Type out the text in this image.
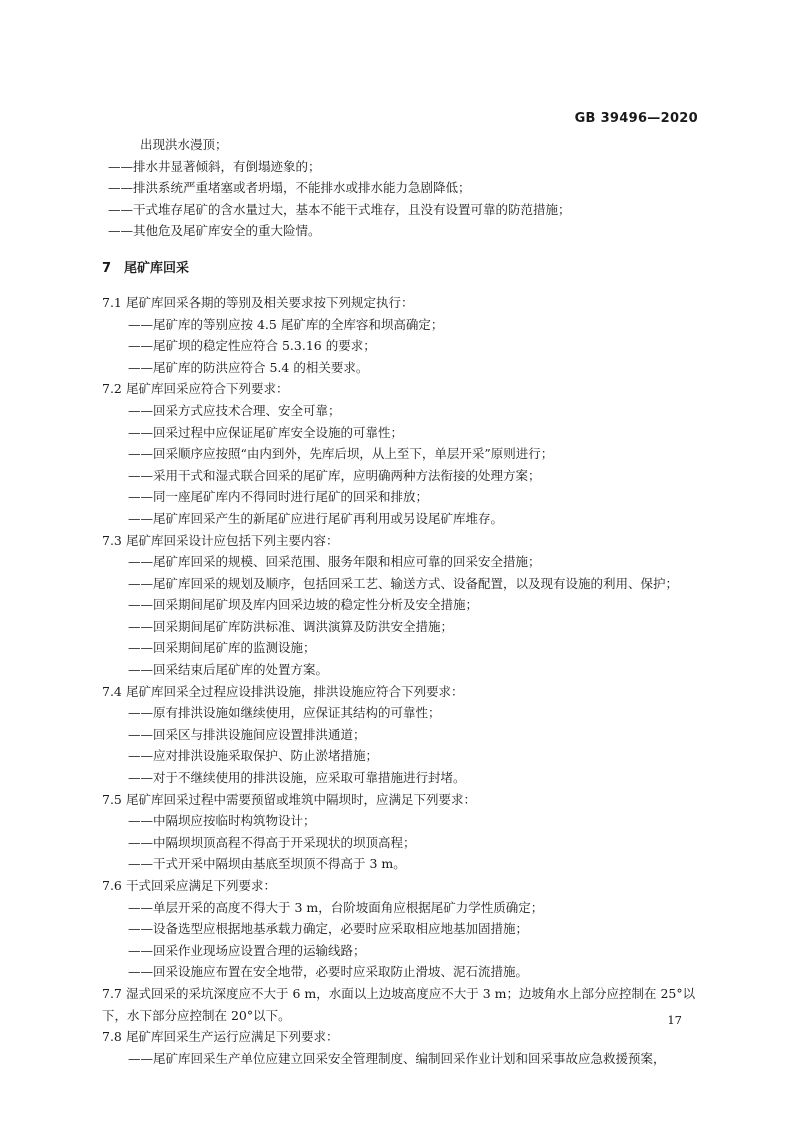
GB 39496—2020
出现洪水漫顶；
——排水井显著倾斜，有倒塌迹象的；
——排洪系统严重堵塞或者坍塌，不能排水或排水能力急剧降低；
——干式堆存尾矿的含水量过大，基本不能干式堆存，且没有设置可靠的防范措施；
——其他危及尾矿库安全的重大险情。
7 尾矿库回采
7.1 尾矿库回采各期的等别及相关要求按下列规定执行：
——尾矿库的等别应按 4.5 尾矿库的全库容和坝高确定；
——尾矿坝的稳定性应符合 5.3.16 的要求；
——尾矿库的防洪应符合 5.4 的相关要求。
7.2 尾矿库回采应符合下列要求：
——回采方式应技术合理、安全可靠；
——回采过程中应保证尾矿库安全设施的可靠性；
——回采顺序应按照“由内到外，先库后坝，从上至下，单层开采”原则进行；
——采用干式和湿式联合回采的尾矿库，应明确两种方法衔接的处理方案；
——同一座尾矿库内不得同时进行尾矿的回采和排放；
——尾矿库回采产生的新尾矿应进行尾矿再利用或另设尾矿库堆存。
7.3 尾矿库回采设计应包括下列主要内容：
——尾矿库回采的规模、回采范围、服务年限和相应可靠的回采安全措施；
——尾矿库回采的规划及顺序，包括回采工艺、输送方式、设备配置，以及现有设施的利用、保护；
——回采期间尾矿坝及库内回采边坡的稳定性分析及安全措施；
——回采期间尾矿库防洪标准、调洪演算及防洪安全措施；
——回采期间尾矿库的监测设施；
——回采结束后尾矿库的处置方案。
7.4 尾矿库回采全过程应设排洪设施，排洪设施应符合下列要求：
——原有排洪设施如继续使用，应保证其结构的可靠性；
——回采区与排洪设施间应设置排洪通道；
——应对排洪设施采取保护、防止淤堵措施；
——对于不继续使用的排洪设施，应采取可靠措施进行封堵。
7.5 尾矿库回采过程中需要预留或堆筑中隔坝时，应满足下列要求：
——中隔坝应按临时构筑物设计；
——中隔坝坝顶高程不得高于开采现状的坝顶高程；
——干式开采中隔坝由基底至坝顶不得高于 3 m。
7.6 干式回采应满足下列要求：
——单层开采的高度不得大于 3 m，台阶坡面角应根据尾矿力学性质确定；
——设备选型应根据地基承载力确定，必要时应采取相应地基加固措施；
——回采作业现场应设置合理的运输线路；
——回采设施应布置在安全地带，必要时应采取防止滑坡、泥石流措施。
7.7 湿式回采的采坑深度应不大于 6 m，水面以上边坡高度应不大于 3 m；边坡角水上部分应控制在 25°以下，水下部分应控制在 20°以下。
7.8 尾矿库回采生产运行应满足下列要求：
——尾矿库回采生产单位应建立回采安全管理制度、编制回采作业计划和回采事故应急救援预案，
17
